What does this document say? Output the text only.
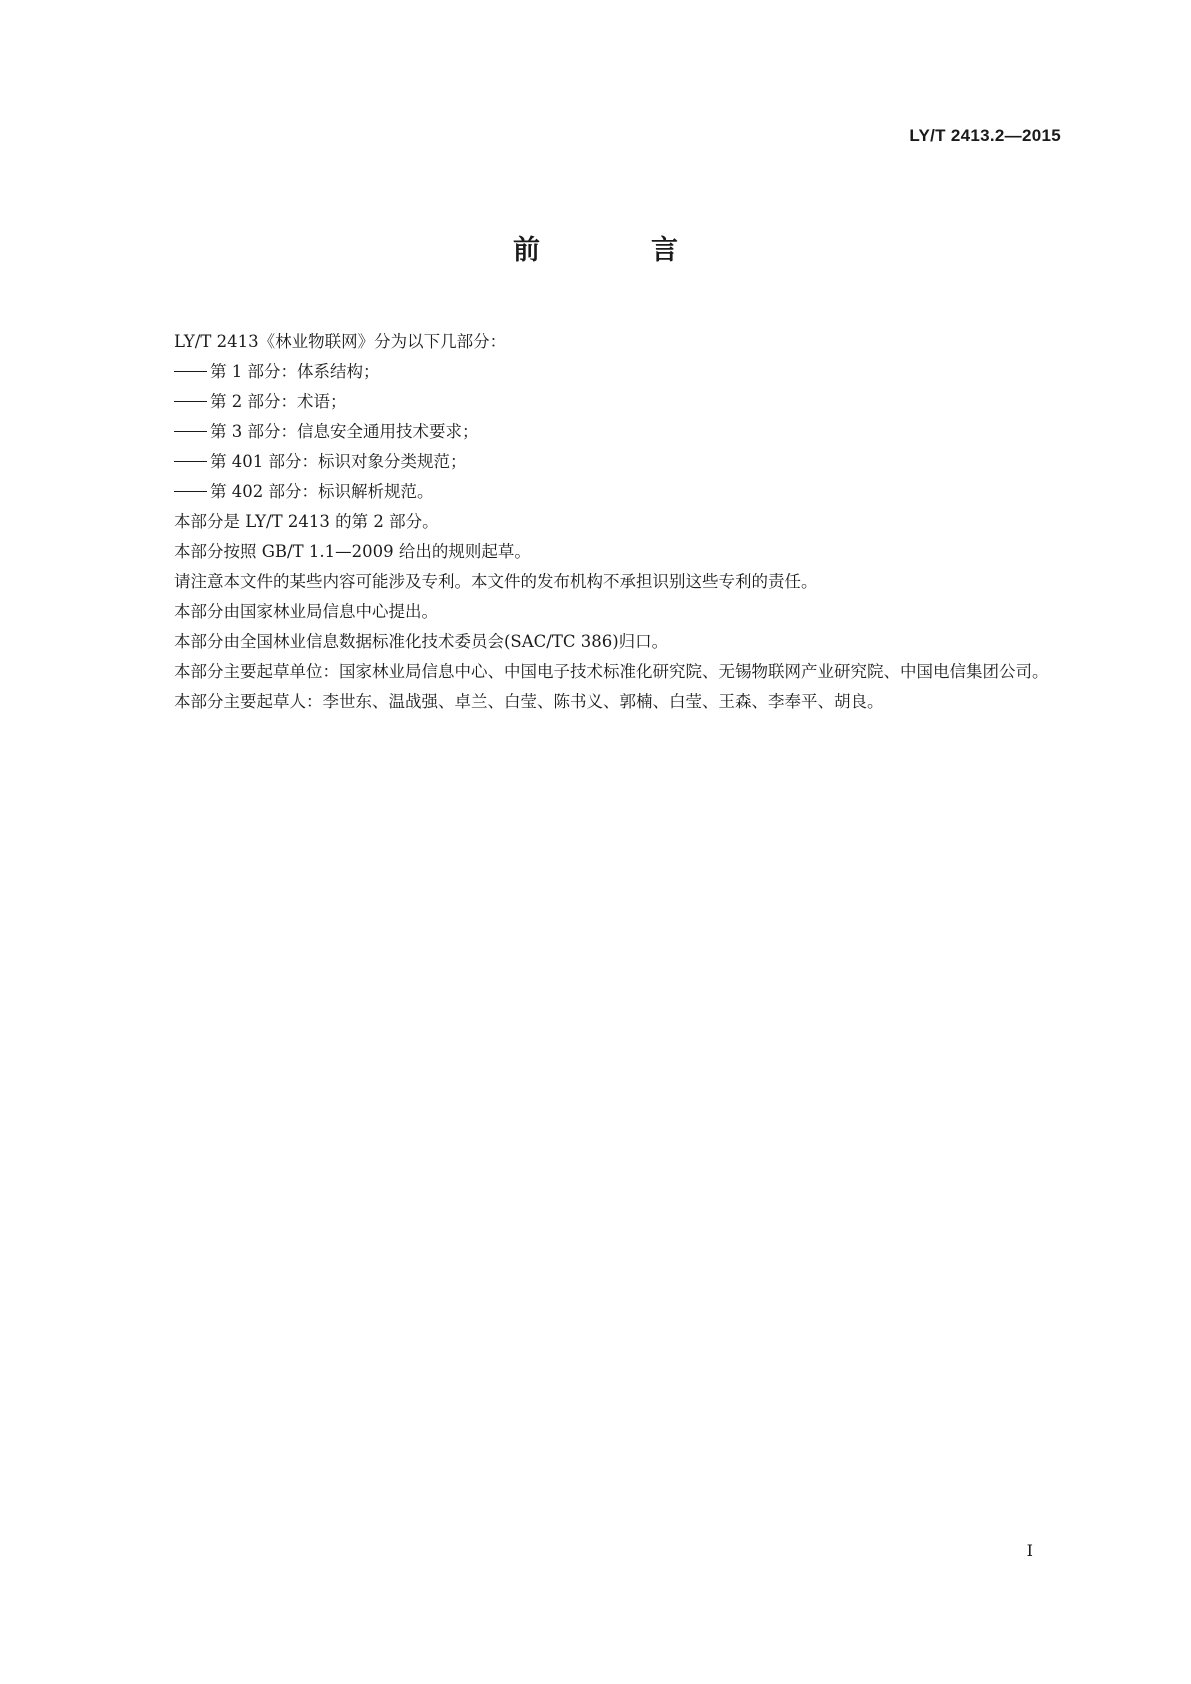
LY/T 2413.2—2015
前　言

LY/T 2413《林业物联网》分为以下几部分：

第 1 部分：体系结构；

第 2 部分：术语；

第 3 部分：信息安全通用技术要求；

第 401 部分：标识对象分类规范；

第 402 部分：标识解析规范。

本部分是 LY/T 2413 的第 2 部分。

本部分按照 GB/T 1.1—2009 给出的规则起草。

请注意本文件的某些内容可能涉及专利。本文件的发布机构不承担识别这些专利的责任。

本部分由国家林业局信息中心提出。

本部分由全国林业信息数据标准化技术委员会(SAC/TC 386)归口。

本部分主要起草单位：国家林业局信息中心、中国电子技术标准化研究院、无锡物联网产业研究院、中国电信集团公司。

本部分主要起草人：李世东、温战强、卓兰、白莹、陈书义、郭楠、白莹、王森、李奉平、胡良。

I
